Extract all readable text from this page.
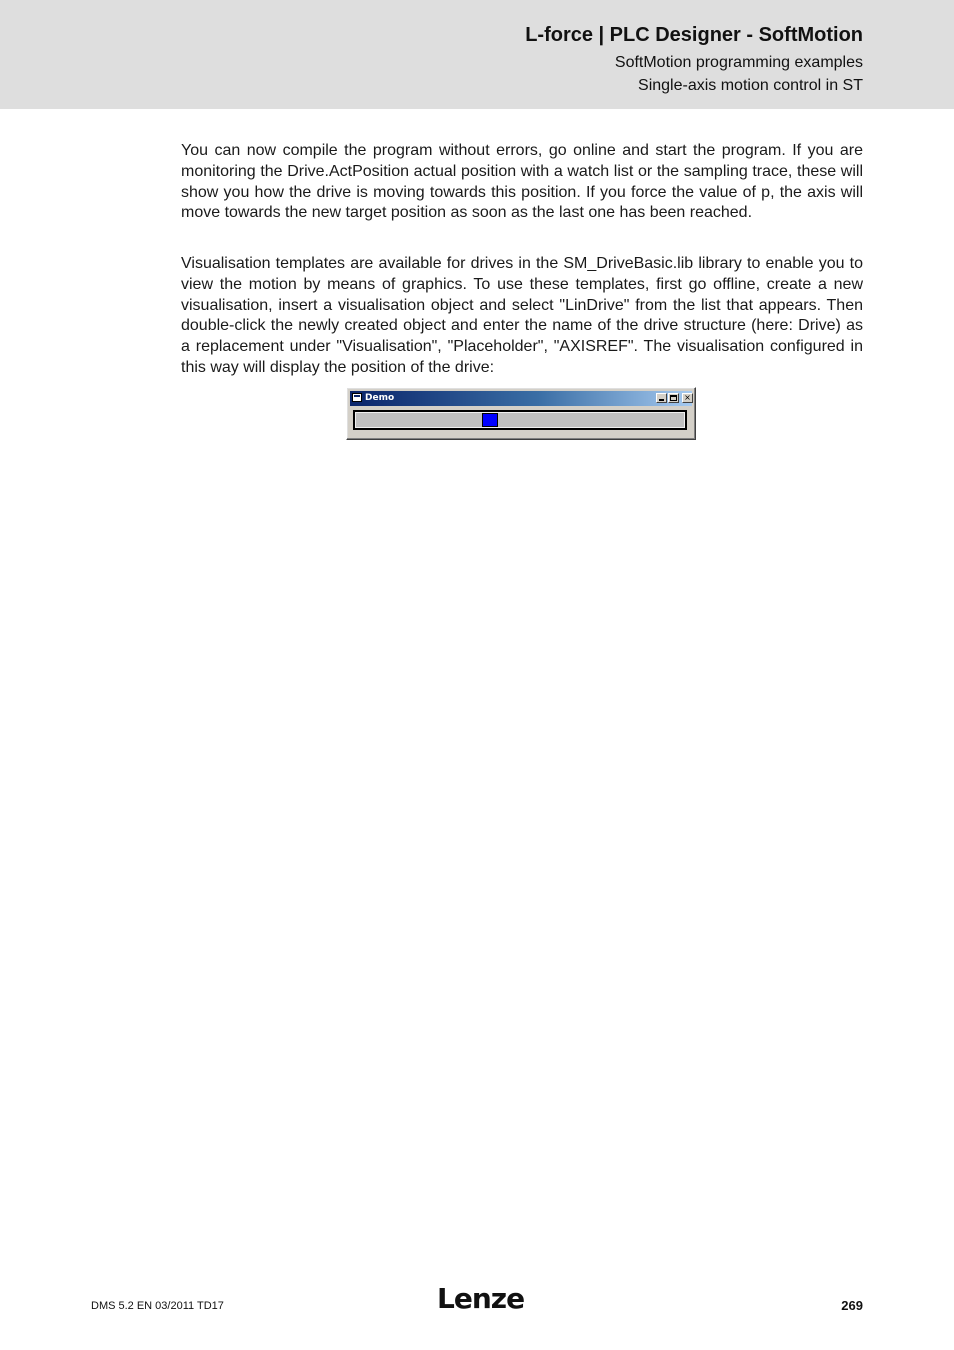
L-force | PLC Designer - SoftMotion
SoftMotion programming examples
Single-axis motion control in ST

You can now compile the program without errors, go online and start the program. If you are monitoring the Drive.ActPosition actual position with a watch list or the sampling trace, these will show you how the drive is moving towards this position. If you force the value of p, the axis will move towards the new target position as soon as the last one has been reached.

Visualisation templates are available for drives in the SM_DriveBasic.lib library to enable you to view the motion by means of graphics. To use these templates, first go offline, create a new visualisation, insert a visualisation object and select "LinDrive" from the list that appears. Then double-click the newly created object and enter the name of the drive structure (here: Drive) as a replacement under "Visualisation", "Placeholder", "AXISREF". The visualisation configured in this way will display the position of the drive:

Demo	×
DMS 5.2 EN 03/2011 TD17	Lenze	269
